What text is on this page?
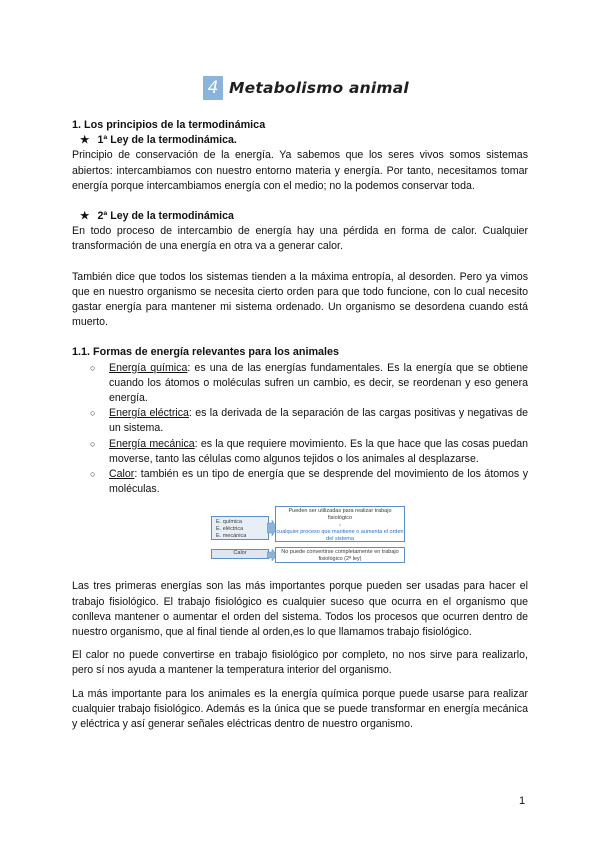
4 Metabolismo animal
1. Los principios de la termodinámica
★ 1ª Ley de la termodinámica.

Principio de conservación de la energía. Ya sabemos que los seres vivos somos sistemas abiertos: intercambiamos con nuestro entorno materia y energía. Por tanto, necesitamos tomar energía porque intercambiamos energía con el medio; no la podemos conservar toda.

★ 2ª Ley de la termodinámica

En todo proceso de intercambio de energía hay una pérdida en forma de calor. Cualquier transformación de una energía en otra va a generar calor.

También dice que todos los sistemas tienden a la máxima entropía, al desorden. Pero ya vimos que en nuestro organismo se necesita cierto orden para que todo funcione, con lo cual necesito gastar energía para mantener mi sistema ordenado. Un organismo se desordena cuando está muerto.

1.1. Formas de energía relevantes para los animales
○ Energía química: es una de las energías fundamentales. Es la energía que se obtiene cuando los átomos o moléculas sufren un cambio, es decir, se reordenan y eso genera energía.
○ Energía eléctrica: es la derivada de la separación de las cargas positivas y negativas de un sistema.
○ Energía mecánica: es la que requiere movimiento. Es la que hace que las cosas puedan moverse, tanto las células como algunos tejidos o los animales al desplazarse.
○ Calor: también es un tipo de energía que se desprende del movimiento de los átomos y moléculas.
E. química
E. eléctrica
E. mecánica
Calor
Pueden ser utilizadas para realizar trabajo fisiológico
↓
cualquier proceso que mantiene o aumenta el orden del sistema
No puede convertirse completamente en trabajo fisiológico (2ª ley)

Las tres primeras energías son las más importantes porque pueden ser usadas para hacer el trabajo fisiológico. El trabajo fisiológico es cualquier suceso que ocurra en el organismo que conlleva mantener o aumentar el orden del sistema. Todos los procesos que ocurren dentro de nuestro organismo, que al final tiende al orden,es lo que llamamos trabajo fisiológico.

El calor no puede convertirse en trabajo fisiológico por completo, no nos sirve para realizarlo, pero sí nos ayuda a mantener la temperatura interior del organismo.

La más importante para los animales es la energía química porque puede usarse para realizar cualquier trabajo fisiológico. Además es la única que se puede transformar en energía mecánica y eléctrica y así generar señales eléctricas dentro de nuestro organismo.

1
